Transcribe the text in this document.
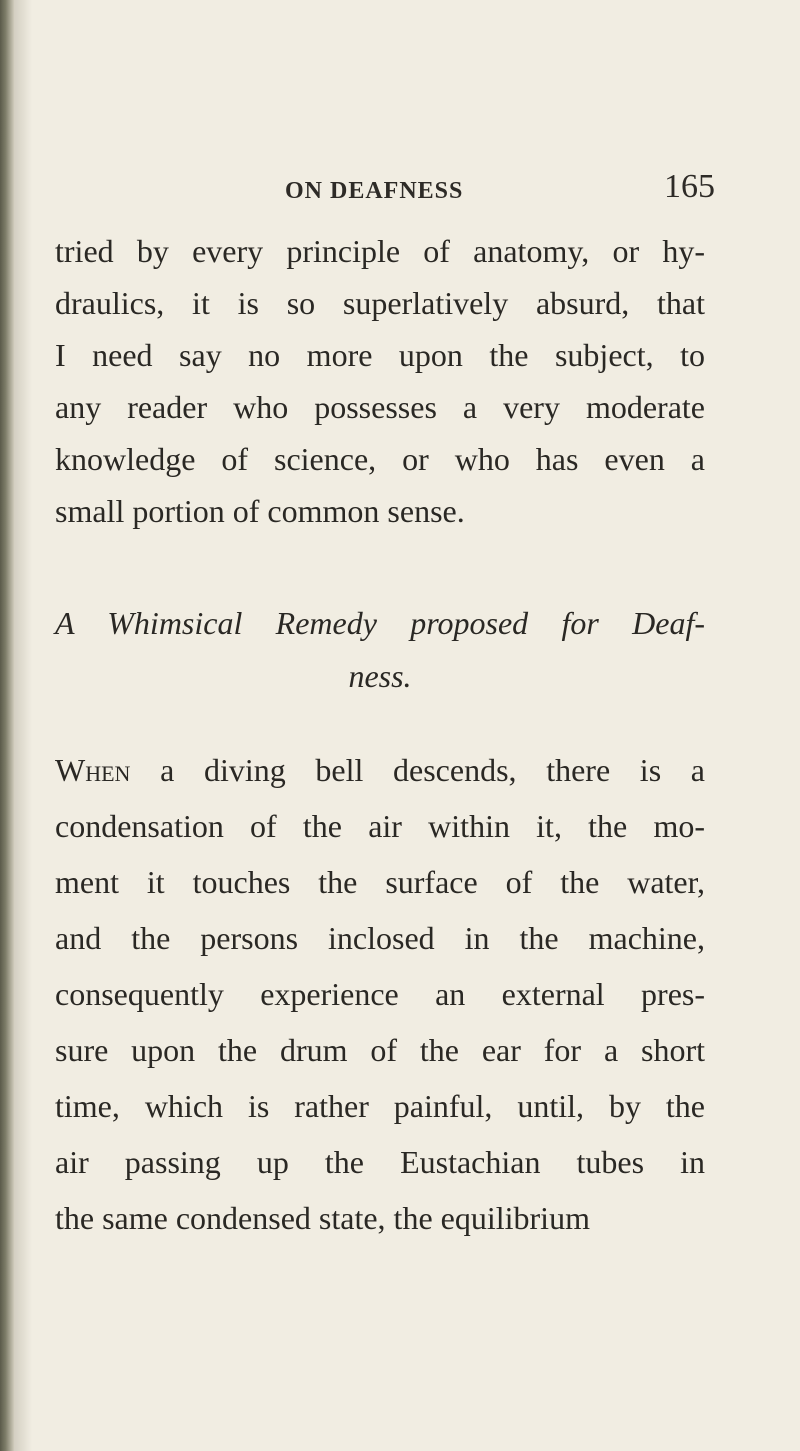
ON DEAFNESS	165
tried by every principle of anatomy, or hy-
draulics, it is so superlatively absurd, that
I need say no more upon the subject, to
any reader who possesses a very moderate
knowledge of science, or who has even a
small portion of common sense.
A Whimsical Remedy proposed for Deaf-
ness.
When a diving bell descends, there is a
condensation of the air within it, the mo-
ment it touches the surface of the water,
and the persons inclosed in the machine,
consequently experience an external pres-
sure upon the drum of the ear for a short
time, which is rather painful, until, by the
air passing up the Eustachian tubes in
the same condensed state, the equilibrium
